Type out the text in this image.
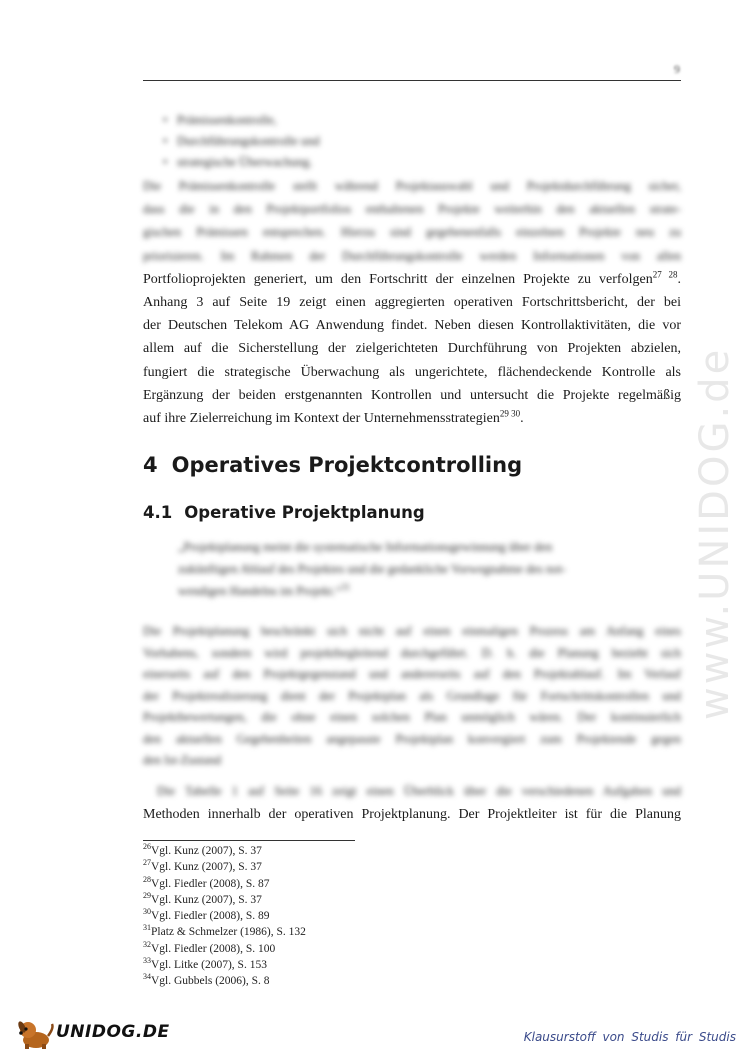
9
• Prämissenkontrolle,
• Durchführungskontrolle und
• strategische Überwachung.
Die Prämissenkontrolle stellt während Projektauswahl und Projektdurchführung sicher,
dass die in den Projektportfolios enthaltenen Projekte weiterhin den aktuellen strate-
gischen Prämissen entsprechen. Hierzu sind gegebenenfalls einzelnen Projekte neu zu
priorisieren. Im Rahmen der Durchführungskontrolle werden Informationen von allen
Portfolioprojekten generiert, um den Fortschritt der einzelnen Projekte zu verfolgen$^{27 28}$.
Anhang 3 auf Seite 19 zeigt einen aggregierten operativen Fortschrittsbericht, der bei
der Deutschen Telekom AG Anwendung findet. Neben diesen Kontrollaktivitäten, die vor
allem auf die Sicherstellung der zielgerichteten Durchführung von Projekten abzielen,
fungiert die strategische Überwachung als ungerichtete, flächendeckende Kontrolle als
Ergänzung der beiden erstgenannten Kontrollen und untersucht die Projekte regelmäßig
auf ihre Zielerreichung im Kontext der Unternehmensstrategien$^{29 30}$.
4 Operatives Projektcontrolling
4.1 Operative Projektplanung
„Projektplanung meint die systematische Informationsgewinnung über den
zukünftigen Ablauf des Projektes und die gedankliche Vorwegnahme des not-
wendigen Handelns im Projekt.“$^{31}$
Die Projektplanung beschränkt sich nicht auf einen einmaligen Prozess am Anfang eines
Vorhabens, sondern wird projektbegleitend durchgeführt. D. h. die Planung bezieht sich
einerseits auf den Projektgegenstand und andererseits auf den Projektablauf. Im Verlauf
der Projektrealisierung dient der Projektplan als Grundlage für Fortschrittskontrollen und
Projektbewertungen, die ohne einen solchen Plan unmöglich wären. Der kontinuierlich
den aktuellen Gegebenheiten angepasste Projektplan konvergiert zum Projektende gegen
den Ist-Zustand
Die Tabelle 1 auf Seite 16 zeigt einen Überblick über die verschiedenen Aufgaben und
Methoden innerhalb der operativen Projektplanung. Der Projektleiter ist für die Planung
$^{26}$Vgl. Kunz (2007), S. 37
$^{27}$Vgl. Kunz (2007), S. 37
$^{28}$Vgl. Fiedler (2008), S. 87
$^{29}$Vgl. Kunz (2007), S. 37
$^{30}$Vgl. Fiedler (2008), S. 89
$^{31}$Platz & Schmelzer (1986), S. 132
$^{32}$Vgl. Fiedler (2008), S. 100
$^{33}$Vgl. Litke (2007), S. 153
$^{34}$Vgl. Gubbels (2006), S. 8
www.UNIDOG.de
UNIDOG.DE	Klausurstoff von Studis für Studis
